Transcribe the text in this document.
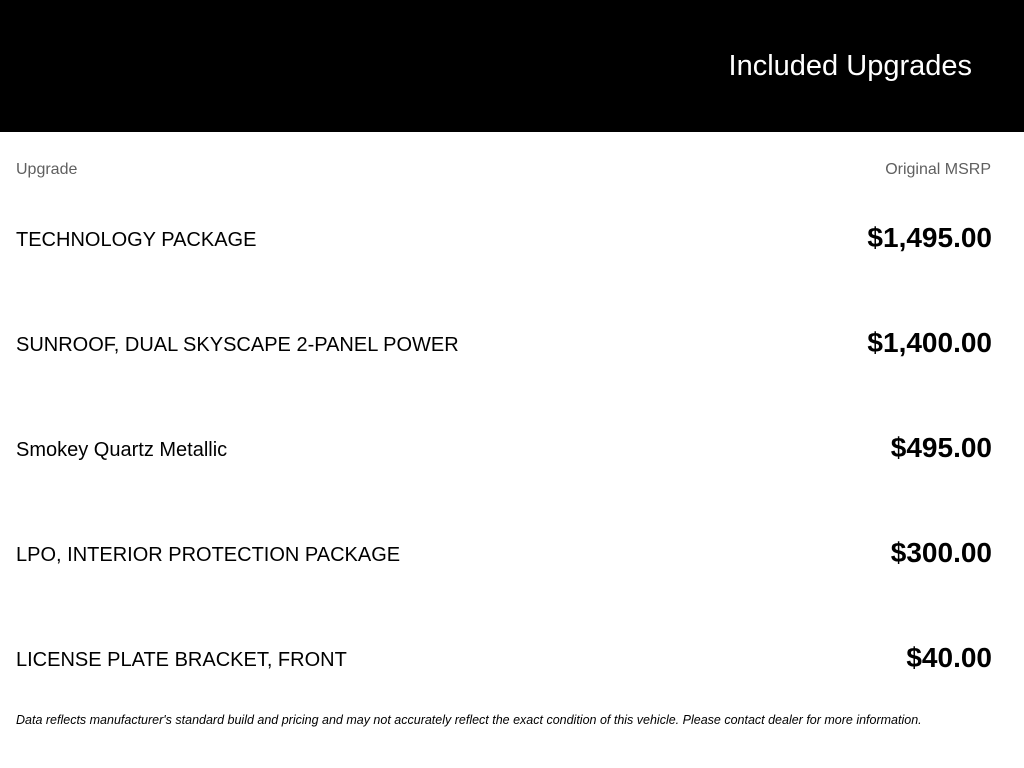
Included Upgrades
Upgrade	Original MSRP
TECHNOLOGY PACKAGE	$1,495.00
SUNROOF, DUAL SKYSCAPE 2-PANEL POWER	$1,400.00
Smokey Quartz Metallic	$495.00
LPO, INTERIOR PROTECTION PACKAGE	$300.00
LICENSE PLATE BRACKET, FRONT	$40.00
Data reflects manufacturer's standard build and pricing and may not accurately reflect the exact condition of this vehicle. Please contact dealer for more information.
